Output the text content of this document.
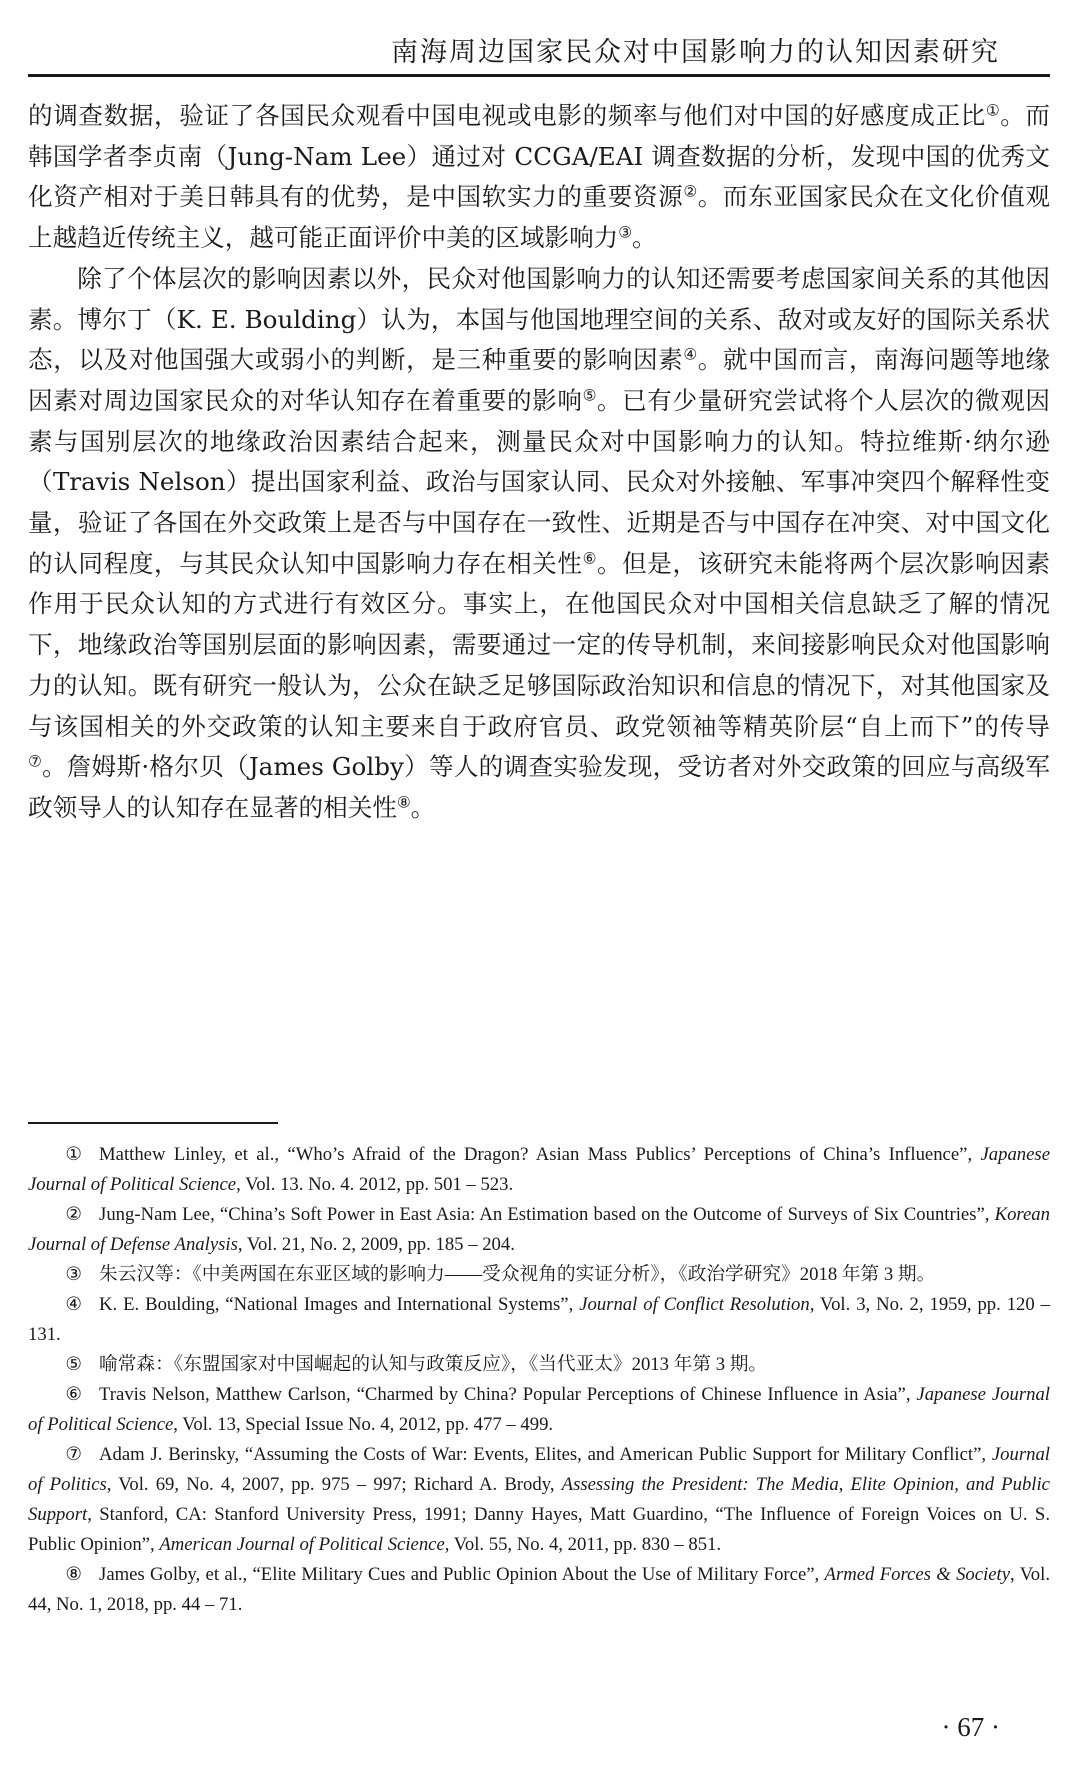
南海周边国家民众对中国影响力的认知因素研究

的调查数据，验证了各国民众观看中国电视或电影的频率与他们对中国的好感度成正比①。而韩国学者李贞南（Jung-Nam Lee）通过对 CCGA/EAI 调查数据的分析，发现中国的优秀文化资产相对于美日韩具有的优势，是中国软实力的重要资源②。而东亚国家民众在文化价值观上越趋近传统主义，越可能正面评价中美的区域影响力③。

除了个体层次的影响因素以外，民众对他国影响力的认知还需要考虑国家间关系的其他因素。博尔丁（K. E. Boulding）认为，本国与他国地理空间的关系、敌对或友好的国际关系状态，以及对他国强大或弱小的判断，是三种重要的影响因素④。就中国而言，南海问题等地缘因素对周边国家民众的对华认知存在着重要的影响⑤。已有少量研究尝试将个人层次的微观因素与国别层次的地缘政治因素结合起来，测量民众对中国影响力的认知。特拉维斯·纳尔逊（Travis Nelson）提出国家利益、政治与国家认同、民众对外接触、军事冲突四个解释性变量，验证了各国在外交政策上是否与中国存在一致性、近期是否与中国存在冲突、对中国文化的认同程度，与其民众认知中国影响力存在相关性⑥。但是，该研究未能将两个层次影响因素作用于民众认知的方式进行有效区分。事实上，在他国民众对中国相关信息缺乏了解的情况下，地缘政治等国别层面的影响因素，需要通过一定的传导机制，来间接影响民众对他国影响力的认知。既有研究一般认为，公众在缺乏足够国际政治知识和信息的情况下，对其他国家及与该国相关的外交政策的认知主要来自于政府官员、政党领袖等精英阶层“自上而下”的传导⑦。詹姆斯·格尔贝（James Golby）等人的调查实验发现，受访者对外交政策的回应与高级军政领导人的认知存在显著的相关性⑧。

① Matthew Linley, et al., “Who’s Afraid of the Dragon? Asian Mass Publics’ Perceptions of China’s Influence”, Japanese Journal of Political Science, Vol. 13. No. 4. 2012, pp. 501 – 523.

② Jung-Nam Lee, “China’s Soft Power in East Asia: An Estimation based on the Outcome of Surveys of Six Countries”, Korean Journal of Defense Analysis, Vol. 21, No. 2, 2009, pp. 185 – 204.

③ 朱云汉等：《中美两国在东亚区域的影响力——受众视角的实证分析》，《政治学研究》2018 年第 3 期。

④ K. E. Boulding, “National Images and International Systems”, Journal of Conflict Resolution, Vol. 3, No. 2, 1959, pp. 120 – 131.

⑤ 喻常森：《东盟国家对中国崛起的认知与政策反应》，《当代亚太》2013 年第 3 期。

⑥ Travis Nelson, Matthew Carlson, “Charmed by China? Popular Perceptions of Chinese Influence in Asia”, Japanese Journal of Political Science, Vol. 13, Special Issue No. 4, 2012, pp. 477 – 499.

⑦ Adam J. Berinsky, “Assuming the Costs of War: Events, Elites, and American Public Support for Military Conflict”, Journal of Politics, Vol. 69, No. 4, 2007, pp. 975 – 997; Richard A. Brody, Assessing the President: The Media, Elite Opinion, and Public Support, Stanford, CA: Stanford University Press, 1991; Danny Hayes, Matt Guardino, “The Influence of Foreign Voices on U. S. Public Opinion”, American Journal of Political Science, Vol. 55, No. 4, 2011, pp. 830 – 851.

⑧ James Golby, et al., “Elite Military Cues and Public Opinion About the Use of Military Force”, Armed Forces & Society, Vol. 44, No. 1, 2018, pp. 44 – 71.

· 67 ·
